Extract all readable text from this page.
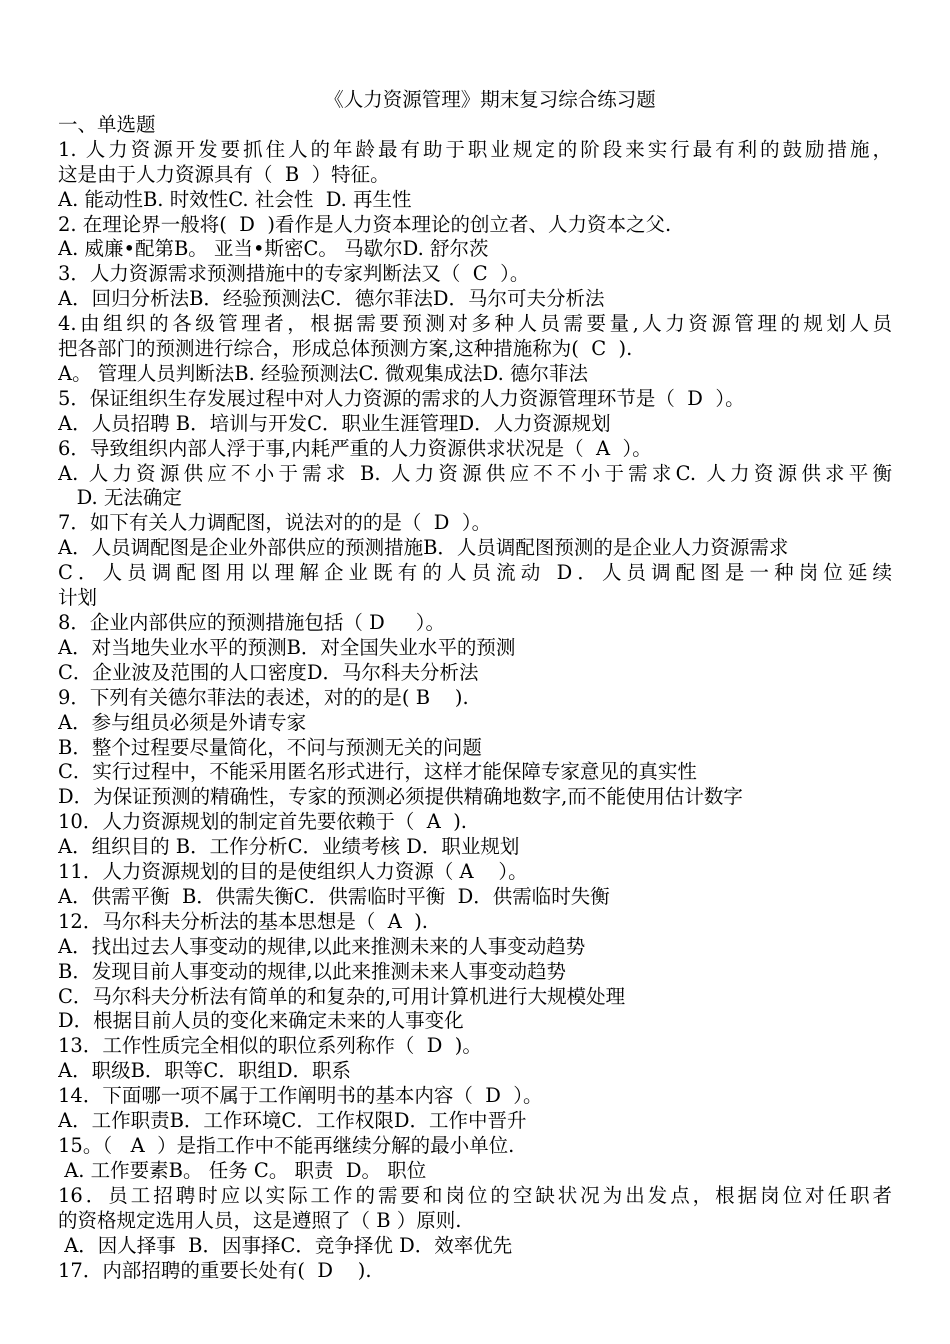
《人力资源管理》期末复习综合练习题
一、单选题
1. 人力资源开发要抓住人的年龄最有助于职业规定的阶段来实行最有利的鼓励措施，
这是由于人力资源具有（  B  ）特征。
A. 能动性B. 时效性C. 社会性  D. 再生性
2. 在理论界一般将(  D  )看作是人力资本理论的创立者、人力资本之父.
A. 威廉•配第B。 亚当•斯密C。 马歇尔D. 舒尔茨
3．人力资源需求预测措施中的专家判断法又（  C  ）。
A．回归分析法B．经验预测法C．德尔菲法D．马尔可夫分析法
4.由组织的各级管理者，根据需要预测对多种人员需要量,人力资源管理的规划人员
把各部门的预测进行综合，形成总体预测方案,这种措施称为(  C  ).
A。 管理人员判断法B. 经验预测法C. 微观集成法D. 德尔菲法
5．保证组织生存发展过程中对人力资源的需求的人力资源管理环节是（  D  ）。
A．人员招聘 B．培训与开发C．职业生涯管理D．人力资源规划
6．导致组织内部人浮于事,内耗严重的人力资源供求状况是（  A  ）。
A. 人力资源供应不小于需求 B. 人力资源供应不不小于需求C. 人力资源供求平衡
D. 无法确定
7．如下有关人力调配图，说法对的的是（  D  ）。
A．人员调配图是企业外部供应的预测措施B．人员调配图预测的是企业人力资源需求
C．人员调配图用以理解企业既有的人员流动 D．人员调配图是一种岗位延续
计划
8．企业内部供应的预测措施包括（ D     ）。
A．对当地失业水平的预测B．对全国失业水平的预测
C．企业波及范围的人口密度D．马尔科夫分析法
9．下列有关德尔菲法的表述，对的的是( B    ).
A．参与组员必须是外请专家
B．整个过程要尽量简化，不问与预测无关的问题
C．实行过程中，不能采用匿名形式进行，这样才能保障专家意见的真实性
D．为保证预测的精确性，专家的预测必须提供精确地数字,而不能使用估计数字
10．人力资源规划的制定首先要依赖于（  A  ).
A．组织目的 B．工作分析C．业绩考核 D．职业规划
11．人力资源规划的目的是使组织人力资源（ A    ）。
A．供需平衡  B．供需失衡C．供需临时平衡  D．供需临时失衡
12．马尔科夫分析法的基本思想是（  A  ).
A．找出过去人事变动的规律,以此来推测未来的人事变动趋势
B．发现目前人事变动的规律,以此来推测未来人事变动趋势
C．马尔科夫分析法有简单的和复杂的,可用计算机进行大规模处理
D．根据目前人员的变化来确定未来的人事变化
13．工作性质完全相似的职位系列称作（  D  )。
A．职级B．职等C．职组D．职系
14．下面哪一项不属于工作阐明书的基本内容（  D  ）。
A．工作职责B．工作环境C．工作权限D．工作中晋升
15。（   A  ）是指工作中不能再继续分解的最小单位.
A. 工作要素B。 任务 C。 职责  D。 职位
16．员工招聘时应以实际工作的需要和岗位的空缺状况为出发点，根据岗位对任职者
的资格规定选用人员，这是遵照了（ B ）原则.
A．因人择事  B．因事择C．竞争择优 D．效率优先
17．内部招聘的重要长处有(  D    ).
